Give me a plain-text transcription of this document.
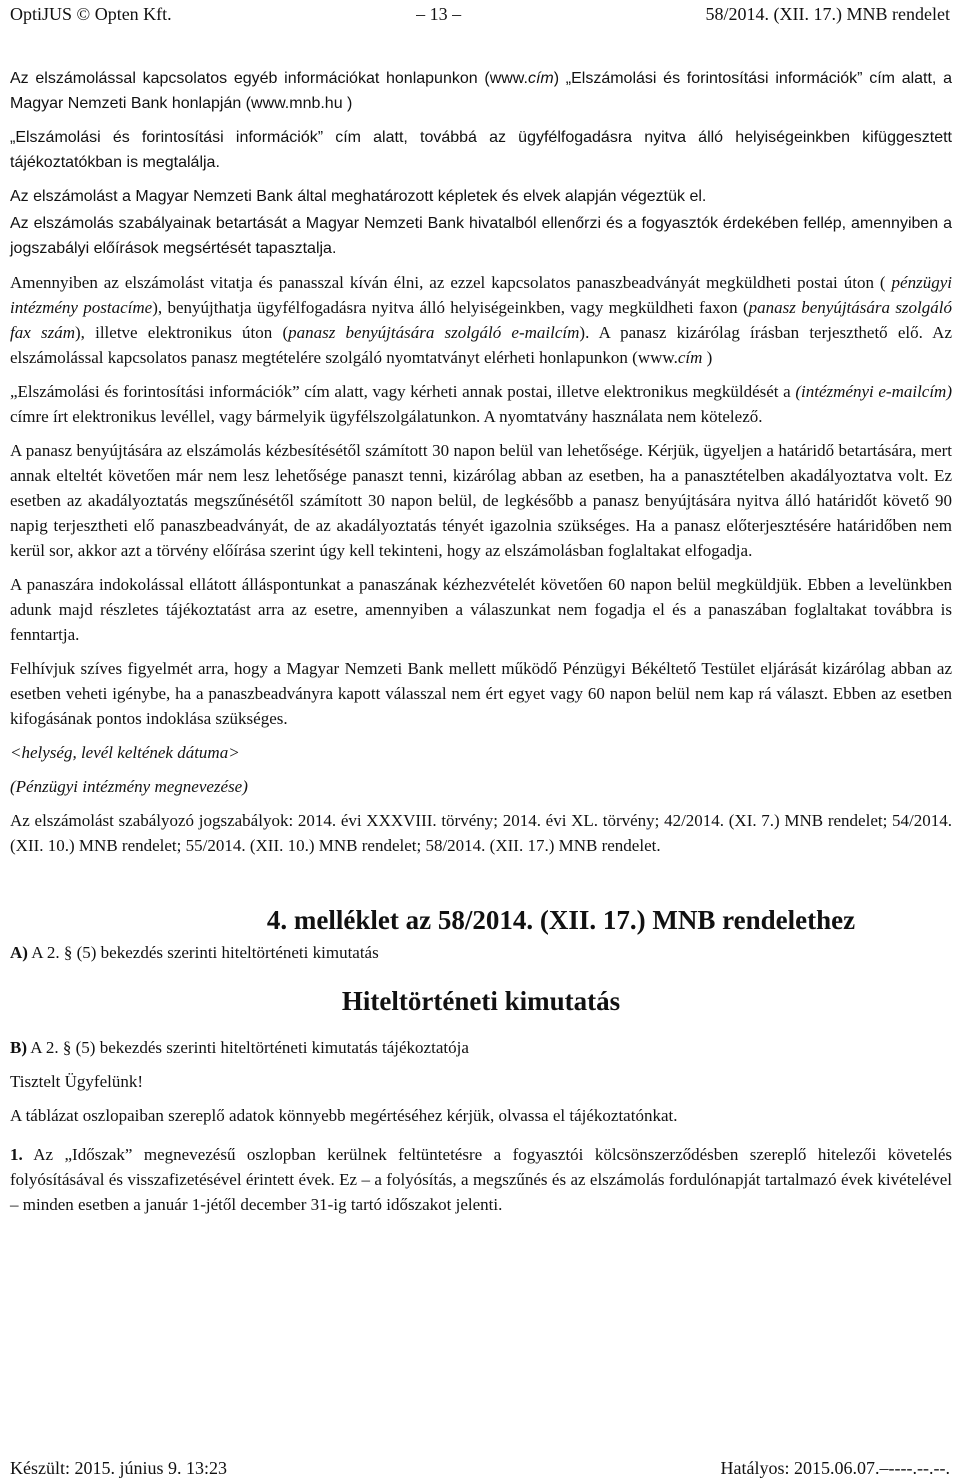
OptiJUS © Opten Kft.	– 13 –	58/2014. (XII. 17.) MNB rendelet

Az elszámolással kapcsolatos egyéb információkat honlapunkon (www.cím) „Elszámolási és forintosítási információk” cím alatt, a Magyar Nemzeti Bank honlapján (www.mnb.hu )

„Elszámolási és forintosítási információk” cím alatt, továbbá az ügyfélfogadásra nyitva álló helyiségeinkben kifüggesztett tájékoztatókban is megtalálja.

Az elszámolást a Magyar Nemzeti Bank által meghatározott képletek és elvek alapján végeztük el.

Az elszámolás szabályainak betartását a Magyar Nemzeti Bank hivatalból ellenőrzi és a fogyasztók érdekében fellép, amennyiben a jogszabályi előírások megsértését tapasztalja.

Amennyiben az elszámolást vitatja és panasszal kíván élni, az ezzel kapcsolatos panaszbeadványát megküldheti postai úton ( pénzügyi intézmény postacíme), benyújthatja ügyfélfogadásra nyitva álló helyiségeinkben, vagy megküldheti faxon (panasz benyújtására szolgáló fax szám), illetve elektronikus úton (panasz benyújtására szolgáló e-mailcím). A panasz kizárólag írásban terjeszthető elő. Az elszámolással kapcsolatos panasz megtételére szolgáló nyomtatványt elérheti honlapunkon (www.cím )

„Elszámolási és forintosítási információk” cím alatt, vagy kérheti annak postai, illetve elektronikus megküldését a (intézményi e-mailcím) címre írt elektronikus levéllel, vagy bármelyik ügyfélszolgálatunkon. A nyomtatvány használata nem kötelező.

A panasz benyújtására az elszámolás kézbesítésétől számított 30 napon belül van lehetősége. Kérjük, ügyeljen a határidő betartására, mert annak elteltét követően már nem lesz lehetősége panaszt tenni, kizárólag abban az esetben, ha a panasztételben akadályoztatva volt. Ez esetben az akadályoztatás megszűnésétől számított 30 napon belül, de legkésőbb a panasz benyújtására nyitva álló határidőt követő 90 napig terjesztheti elő panaszbeadványát, de az akadályoztatás tényét igazolnia szükséges. Ha a panasz előterjesztésére határidőben nem kerül sor, akkor azt a törvény előírása szerint úgy kell tekinteni, hogy az elszámolásban foglaltakat elfogadja.

A panaszára indokolással ellátott álláspontunkat a panaszának kézhezvételét követően 60 napon belül megküldjük. Ebben a levelünkben adunk majd részletes tájékoztatást arra az esetre, amennyiben a válaszunkat nem fogadja el és a panaszában foglaltakat továbbra is fenntartja.

Felhívjuk szíves figyelmét arra, hogy a Magyar Nemzeti Bank mellett működő Pénzügyi Békéltető Testület eljárását kizárólag abban az esetben veheti igénybe, ha a panaszbeadványra kapott válasszal nem ért egyet vagy 60 napon belül nem kap rá választ. Ebben az esetben kifogásának pontos indoklása szükséges.

<helység, levél keltének dátuma>

(Pénzügyi intézmény megnevezése)

Az elszámolást szabályozó jogszabályok: 2014. évi XXXVIII. törvény; 2014. évi XL. törvény; 42/2014. (XI. 7.) MNB rendelet; 54/2014. (XII. 10.) MNB rendelet; 55/2014. (XII. 10.) MNB rendelet; 58/2014. (XII. 17.) MNB rendelet.

4. melléklet az 58/2014. (XII. 17.) MNB rendelethez

A) A 2. § (5) bekezdés szerinti hiteltörténeti kimutatás

Hiteltörténeti kimutatás

B) A 2. § (5) bekezdés szerinti hiteltörténeti kimutatás tájékoztatója

Tisztelt Ügyfelünk!

A táblázat oszlopaiban szereplő adatok könnyebb megértéséhez kérjük, olvassa el tájékoztatónkat.

1. Az „Időszak” megnevezésű oszlopban kerülnek feltüntetésre a fogyasztói kölcsönszerződésben szereplő hitelezői követelés folyósításával és visszafizetésével érintett évek. Ez – a folyósítás, a megszűnés és az elszámolás fordulónapját tartalmazó évek kivételével – minden esetben a január 1-jétől december 31-ig tartó időszakot jelenti.

Készült: 2015. június 9. 13:23	Hatályos: 2015.06.07.–----.--.--.
